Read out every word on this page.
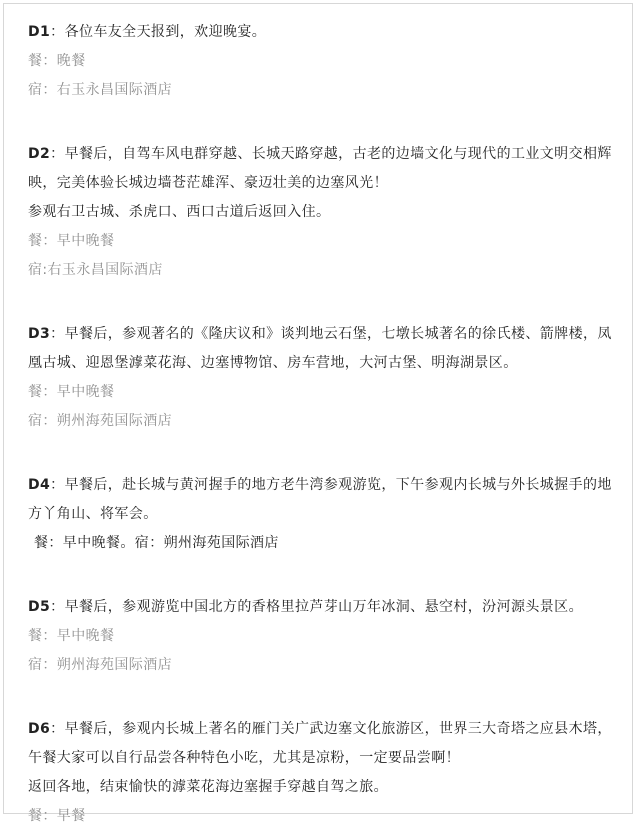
D1：各位车友全天报到，欢迎晚宴。

餐：晚餐

宿：右玉永昌国际酒店

D2：早餐后，自驾车风电群穿越、长城天路穿越，古老的边墙文化与现代的工业文明交相辉映，完美体验长城边墙苍茫雄浑、豪迈壮美的边塞风光！

参观右卫古城、杀虎口、西口古道后返回入住。

餐：早中晚餐

宿:右玉永昌国际酒店

D3：早餐后，参观著名的《隆庆议和》谈判地云石堡，七墩长城著名的徐氏楼、箭牌楼，凤凰古城、迎恩堡滹菜花海、边塞博物馆、房车营地，大河古堡、明海湖景区。

餐：早中晚餐

宿：朔州海苑国际酒店

D4：早餐后，赴长城与黄河握手的地方老牛湾参观游览，下午参观内长城与外长城握手的地方丫角山、将军会。

餐：早中晚餐。宿：朔州海苑国际酒店

D5：早餐后，参观游览中国北方的香格里拉芦芽山万年冰洞、悬空村，汾河源头景区。

餐：早中晚餐

宿：朔州海苑国际酒店

D6：早餐后，参观内长城上著名的雁门关广武边塞文化旅游区，世界三大奇塔之应县木塔，午餐大家可以自行品尝各种特色小吃，尤其是凉粉，一定要品尝啊！

返回各地，结束愉快的滹菜花海边塞握手穿越自驾之旅。

餐：早餐
